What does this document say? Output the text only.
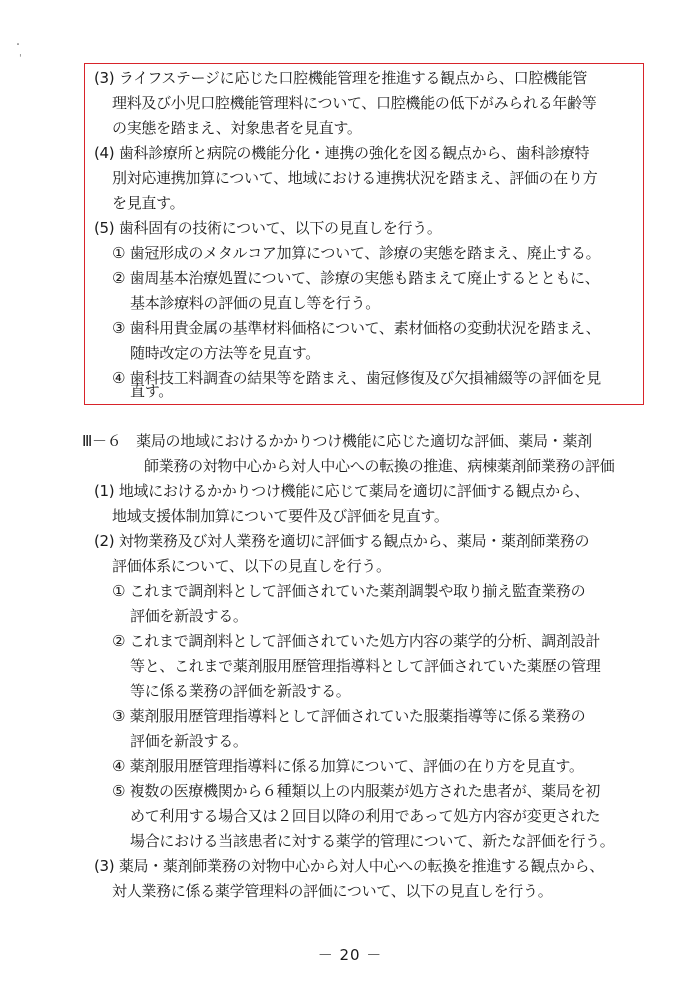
・
'
(3) ライフステージに応じた口腔機能管理を推進する観点から、口腔機能管
理料及び小児口腔機能管理料について、口腔機能の低下がみられる年齢等
の実態を踏まえ、対象患者を見直す。
(4) 歯科診療所と病院の機能分化・連携の強化を図る観点から、歯科診療特
別対応連携加算について、地域における連携状況を踏まえ、評価の在り方
を見直す。
(5) 歯科固有の技術について、以下の見直しを行う。
① 歯冠形成のメタルコア加算について、診療の実態を踏まえ、廃止する。
② 歯周基本治療処置について、診療の実態も踏まえて廃止するとともに、
基本診療料の評価の見直し等を行う。
③ 歯科用貴金属の基準材料価格について、素材価格の変動状況を踏まえ、
随時改定の方法等を見直す。
④ 歯科技工料調査の結果等を踏まえ、歯冠修復及び欠損補綴等の評価を見
直す。
Ⅲ－６　薬局の地域におけるかかりつけ機能に応じた適切な評価、薬局・薬剤
師業務の対物中心から対人中心への転換の推進、病棟薬剤師業務の評価
(1) 地域におけるかかりつけ機能に応じて薬局を適切に評価する観点から、
地域支援体制加算について要件及び評価を見直す。
(2) 対物業務及び対人業務を適切に評価する観点から、薬局・薬剤師業務の
評価体系について、以下の見直しを行う。
① これまで調剤料として評価されていた薬剤調製や取り揃え監査業務の
評価を新設する。
② これまで調剤料として評価されていた処方内容の薬学的分析、調剤設計
等と、これまで薬剤服用歴管理指導料として評価されていた薬歴の管理
等に係る業務の評価を新設する。
③ 薬剤服用歴管理指導料として評価されていた服薬指導等に係る業務の
評価を新設する。
④ 薬剤服用歴管理指導料に係る加算について、評価の在り方を見直す。
⑤ 複数の医療機関から６種類以上の内服薬が処方された患者が、薬局を初
めて利用する場合又は２回目以降の利用であって処方内容が変更された
場合における当該患者に対する薬学的管理について、新たな評価を行う。
(3) 薬局・薬剤師業務の対物中心から対人中心への転換を推進する観点から、
対人業務に係る薬学管理料の評価について、以下の見直しを行う。
－ 20 －
